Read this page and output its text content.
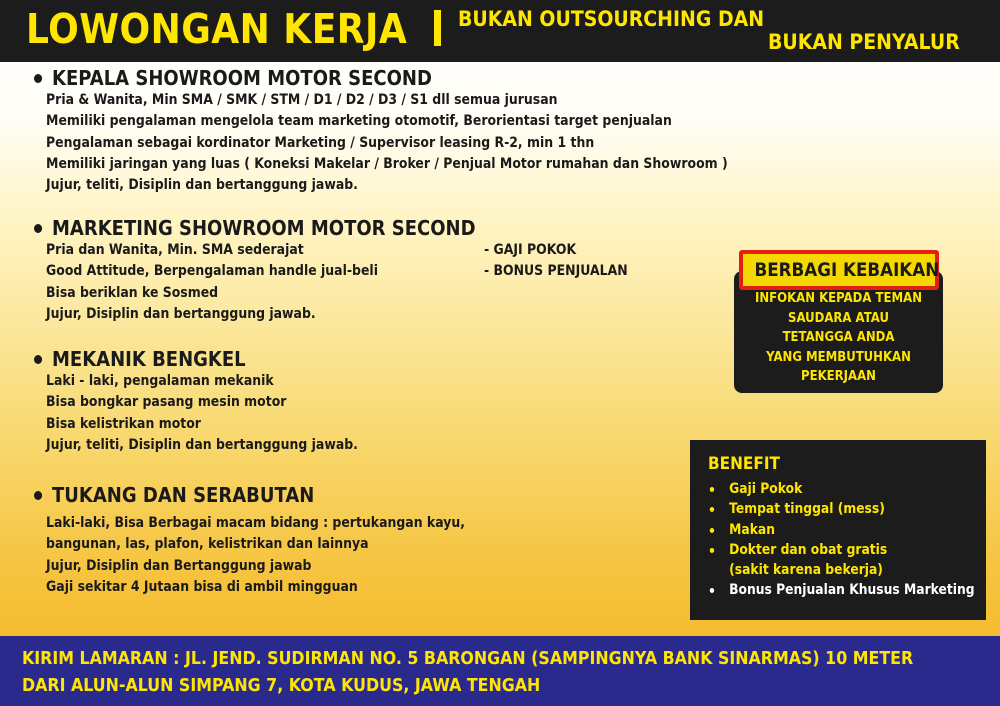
LOWONGAN KERJA BUKAN OUTSOURCHING DAN
BUKAN PENYALUR
KEPALA SHOWROOM MOTOR SECOND
Pria & Wanita, Min SMA / SMK / STM / D1 / D2 / D3 / S1 dll semua jurusan
Memiliki pengalaman mengelola team marketing otomotif, Berorientasi target penjualan
Pengalaman sebagai kordinator Marketing / Supervisor leasing R-2, min 1 thn
Memiliki jaringan yang luas ( Koneksi Makelar / Broker / Penjual Motor rumahan dan Showroom )
Jujur, teliti, Disiplin dan bertanggung jawab.
MARKETING SHOWROOM MOTOR SECOND
Pria dan Wanita, Min. SMA sederajat
Good Attitude, Berpengalaman handle jual-beli
Bisa beriklan ke Sosmed
Jujur, Disiplin dan bertanggung jawab.
- GAJI POKOK
- BONUS PENJUALAN
MEKANIK BENGKEL
Laki - laki, pengalaman mekanik
Bisa bongkar pasang mesin motor
Bisa kelistrikan motor
Jujur, teliti, Disiplin dan bertanggung jawab.
TUKANG DAN SERABUTAN
Laki-laki, Bisa Berbagai macam bidang : pertukangan kayu,
bangunan, las, plafon, kelistrikan dan lainnya
Jujur, Disiplin dan Bertanggung jawab
Gaji sekitar 4 Jutaan bisa di ambil mingguan
BERBAGI KEBAIKAN
INFOKAN KEPADA TEMAN
SAUDARA ATAU
TETANGGA ANDA
YANG MEMBUTUHKAN
PEKERJAAN
BENEFIT
Gaji Pokok
Tempat tinggal (mess)
Makan
Dokter dan obat gratis
(sakit karena bekerja)
Bonus Penjualan Khusus Marketing
KIRIM LAMARAN : JL. JEND. SUDIRMAN NO. 5 BARONGAN (SAMPINGNYA BANK SINARMAS) 10 METER
DARI ALUN-ALUN SIMPANG 7, KOTA KUDUS, JAWA TENGAH
